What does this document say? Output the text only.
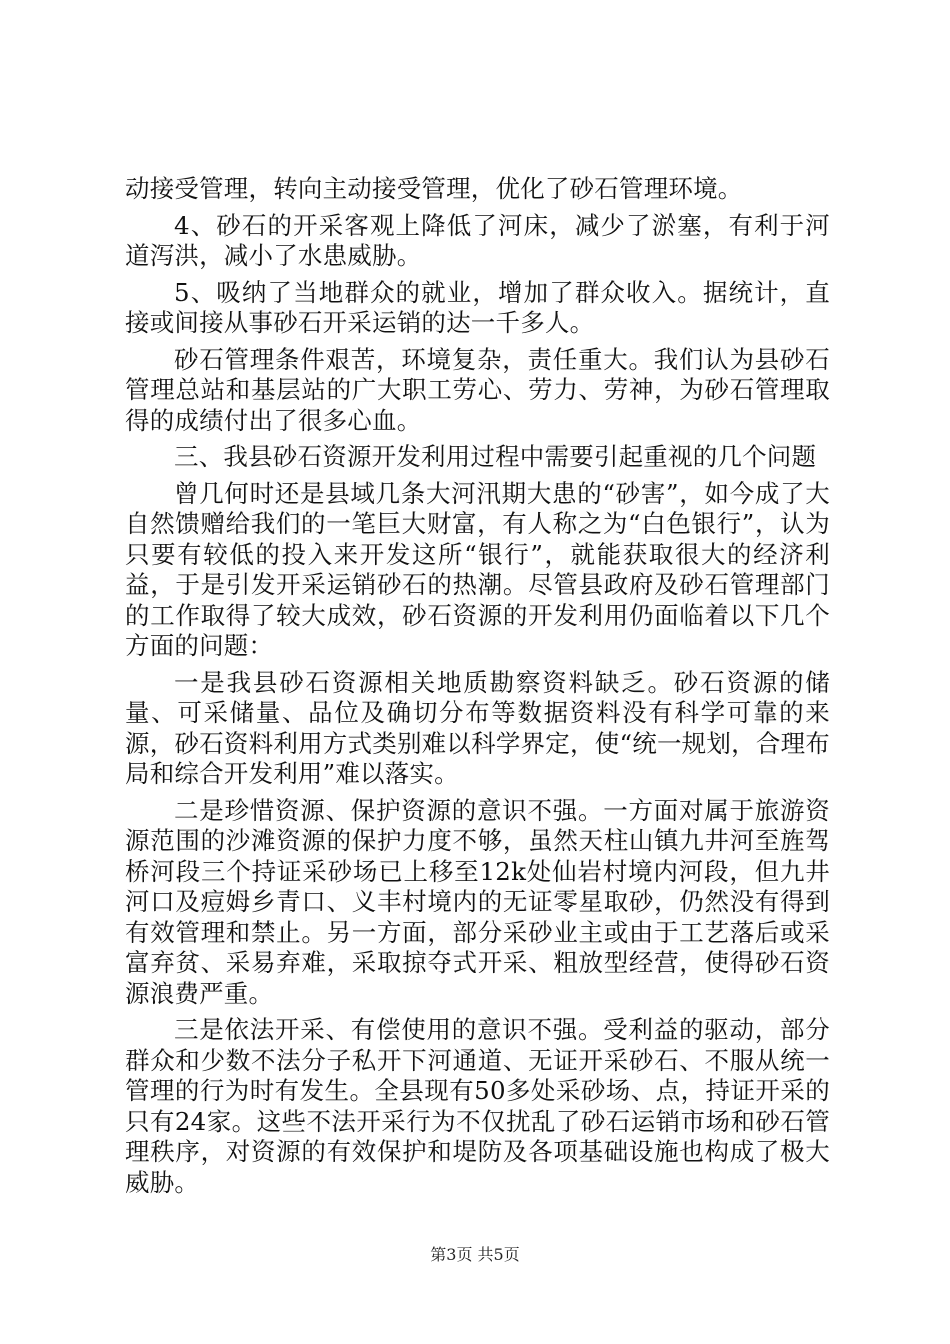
动接受管理，转向主动接受管理，优化了砂石管理环境。

4、砂石的开采客观上降低了河床，减少了淤塞，有利于河道泻洪，减小了水患威胁。

5、吸纳了当地群众的就业，增加了群众收入。据统计，直接或间接从事砂石开采运销的达一千多人。

砂石管理条件艰苦，环境复杂，责任重大。我们认为县砂石管理总站和基层站的广大职工劳心、劳力、劳神，为砂石管理取得的成绩付出了很多心血。

三、我县砂石资源开发利用过程中需要引起重视的几个问题

曾几何时还是县域几条大河汛期大患的“砂害”，如今成了大自然馈赠给我们的一笔巨大财富，有人称之为“白色银行”，认为只要有较低的投入来开发这所“银行”，就能获取很大的经济利益，于是引发开采运销砂石的热潮。尽管县政府及砂石管理部门的工作取得了较大成效，砂石资源的开发利用仍面临着以下几个方面的问题：

一是我县砂石资源相关地质勘察资料缺乏。砂石资源的储量、可采储量、品位及确切分布等数据资料没有科学可靠的来源，砂石资料利用方式类别难以科学界定，使“统一规划，合理布局和综合开发利用”难以落实。

二是珍惜资源、保护资源的意识不强。一方面对属于旅游资源范围的沙滩资源的保护力度不够，虽然天柱山镇九井河至旌驾桥河段三个持证采砂场已上移至12k处仙岩村境内河段，但九井河口及痘姆乡青口、义丰村境内的无证零星取砂，仍然没有得到有效管理和禁止。另一方面，部分采砂业主或由于工艺落后或采富弃贫、采易弃难，采取掠夺式开采、粗放型经营，使得砂石资源浪费严重。

三是依法开采、有偿使用的意识不强。受利益的驱动，部分群众和少数不法分子私开下河通道、无证开采砂石、不服从统一管理的行为时有发生。全县现有50多处采砂场、点，持证开采的只有24家。这些不法开采行为不仅扰乱了砂石运销市场和砂石管理秩序，对资源的有效保护和堤防及各项基础设施也构成了极大威胁。

第3页 共5页
